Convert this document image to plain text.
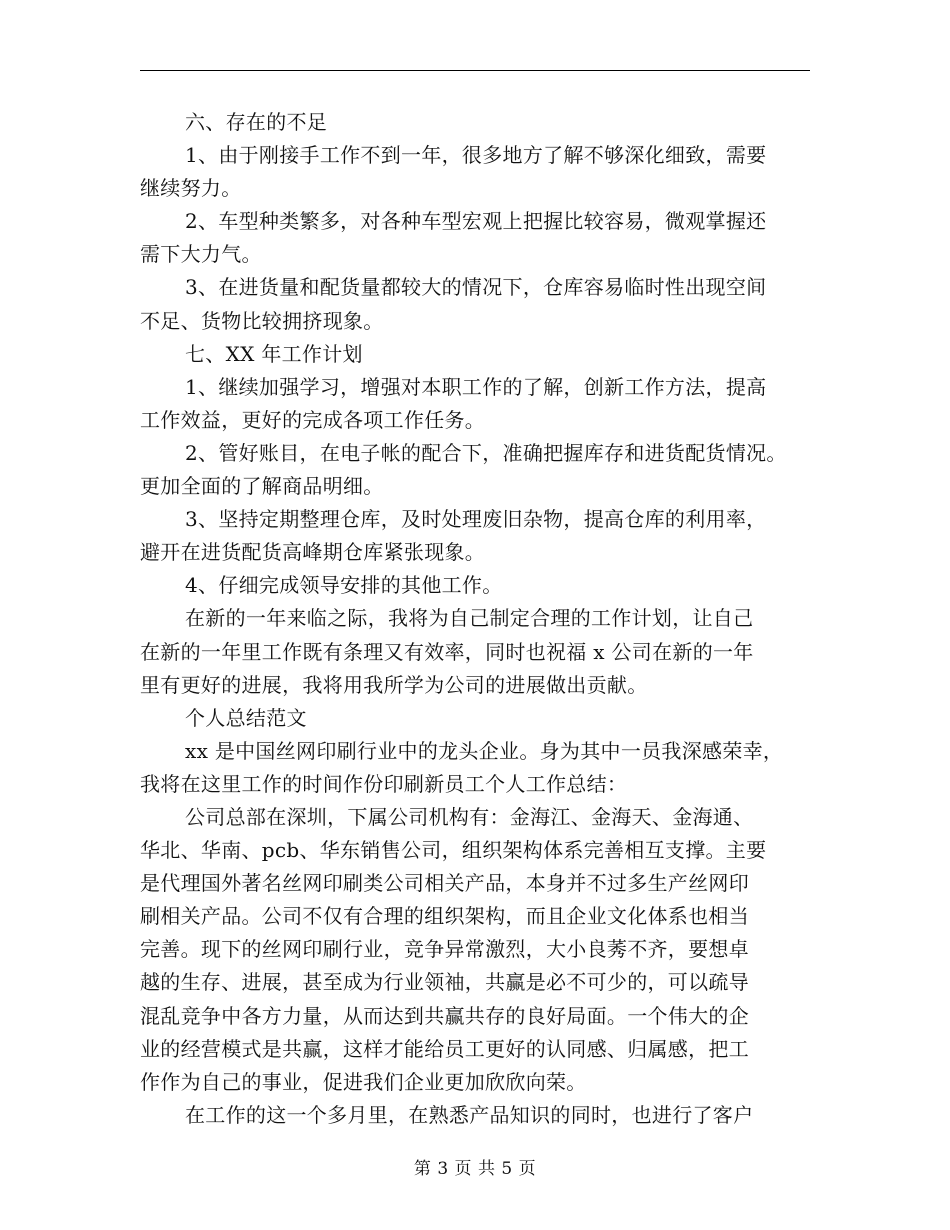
六、存在的不足
1、由于刚接手工作不到一年，很多地方了解不够深化细致，需要
继续努力。
2、车型种类繁多，对各种车型宏观上把握比较容易，微观掌握还
需下大力气。
3、在进货量和配货量都较大的情况下，仓库容易临时性出现空间
不足、货物比较拥挤现象。
七、XX 年工作计划
1、继续加强学习，增强对本职工作的了解，创新工作方法，提高
工作效益，更好的完成各项工作任务。
2、管好账目，在电子帐的配合下，准确把握库存和进货配货情况。
更加全面的了解商品明细。
3、坚持定期整理仓库，及时处理废旧杂物，提高仓库的利用率，
避开在进货配货高峰期仓库紧张现象。
4、仔细完成领导安排的其他工作。
在新的一年来临之际，我将为自己制定合理的工作计划，让自己
在新的一年里工作既有条理又有效率，同时也祝福 x 公司在新的一年
里有更好的进展，我将用我所学为公司的进展做出贡献。
个人总结范文
xx 是中国丝网印刷行业中的龙头企业。身为其中一员我深感荣幸，
我将在这里工作的时间作份印刷新员工个人工作总结：
公司总部在深圳，下属公司机构有：金海江、金海天、金海通、
华北、华南、pcb、华东销售公司，组织架构体系完善相互支撑。主要
是代理国外著名丝网印刷类公司相关产品，本身并不过多生产丝网印
刷相关产品。公司不仅有合理的组织架构，而且企业文化体系也相当
完善。现下的丝网印刷行业，竞争异常激烈，大小良莠不齐，要想卓
越的生存、进展，甚至成为行业领袖，共赢是必不可少的，可以疏导
混乱竞争中各方力量，从而达到共赢共存的良好局面。一个伟大的企
业的经营模式是共赢，这样才能给员工更好的认同感、归属感，把工
作作为自己的事业，促进我们企业更加欣欣向荣。
在工作的这一个多月里，在熟悉产品知识的同时，也进行了客户
第 3 页 共 5 页
